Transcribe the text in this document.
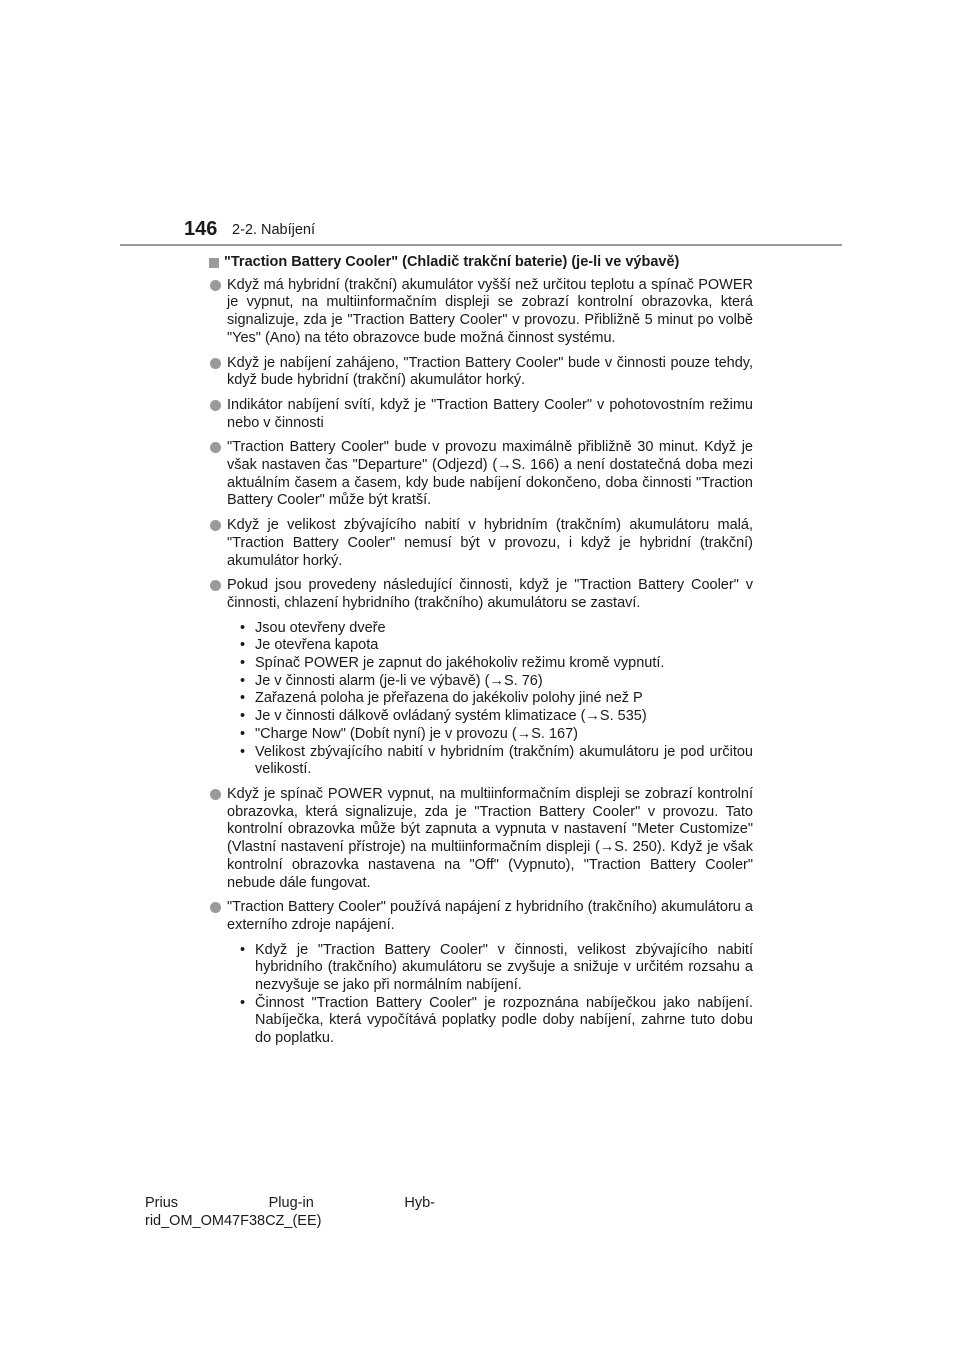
146 2-2. Nabíjení
"Traction Battery Cooler" (Chladič trakční baterie) (je-li ve výbavě)
Když má hybridní (trakční) akumulátor vyšší než určitou teplotu a spínač POWER je vypnut, na multiinformačním displeji se zobrazí kontrolní obrazovka, která signalizuje, zda je "Traction Battery Cooler" v provozu. Přibližně 5 minut po volbě "Yes" (Ano) na této obrazovce bude možná činnost systému.
Když je nabíjení zahájeno, "Traction Battery Cooler" bude v činnosti pouze tehdy, když bude hybridní (trakční) akumulátor horký.
Indikátor nabíjení svítí, když je "Traction Battery Cooler" v pohotovostním režimu nebo v činnosti
"Traction Battery Cooler" bude v provozu maximálně přibližně 30 minut. Když je však nastaven čas "Departure" (Odjezd) (→S. 166) a není dostatečná doba mezi aktuálním časem a časem, kdy bude nabíjení dokončeno, doba činnosti "Traction Battery Cooler" může být kratší.
Když je velikost zbývajícího nabití v hybridním (trakčním) akumulátoru malá, "Traction Battery Cooler" nemusí být v provozu, i když je hybridní (trakční) akumulátor horký.
Pokud jsou provedeny následující činnosti, když je "Traction Battery Cooler" v činnosti, chlazení hybridního (trakčního) akumulátoru se zastaví.
• Jsou otevřeny dveře
• Je otevřena kapota
• Spínač POWER je zapnut do jakéhokoliv režimu kromě vypnutí.
• Je v činnosti alarm (je-li ve výbavě) (→S. 76)
• Zařazená poloha je přeřazena do jakékoliv polohy jiné než P
• Je v činnosti dálkově ovládaný systém klimatizace (→S. 535)
• "Charge Now" (Dobít nyní) je v provozu (→S. 167)
• Velikost zbývajícího nabití v hybridním (trakčním) akumulátoru je pod určitou velikostí.
Když je spínač POWER vypnut, na multiinformačním displeji se zobrazí kontrolní obrazovka, která signalizuje, zda je "Traction Battery Cooler" v provozu. Tato kontrolní obrazovka může být zapnuta a vypnuta v nastavení "Meter Customize" (Vlastní nastavení přístroje) na multiinformačním displeji (→S. 250). Když je však kontrolní obrazovka nastavena na "Off" (Vypnuto), "Traction Battery Cooler" nebude dále fungovat.
"Traction Battery Cooler" používá napájení z hybridního (trakčního) akumulátoru a externího zdroje napájení.
• Když je "Traction Battery Cooler" v činnosti, velikost zbývajícího nabití hybridního (trakčního) akumulátoru se zvyšuje a snižuje v určitém rozsahu a nezvyšuje se jako při normálním nabíjení.
• Činnost "Traction Battery Cooler" je rozpoznána nabíječkou jako nabíjení. Nabíječka, která vypočítává poplatky podle doby nabíjení, zahrne tuto dobu do poplatku.
Prius	Plug-in	Hyb-
rid_OM_OM47F38CZ_(EE)
